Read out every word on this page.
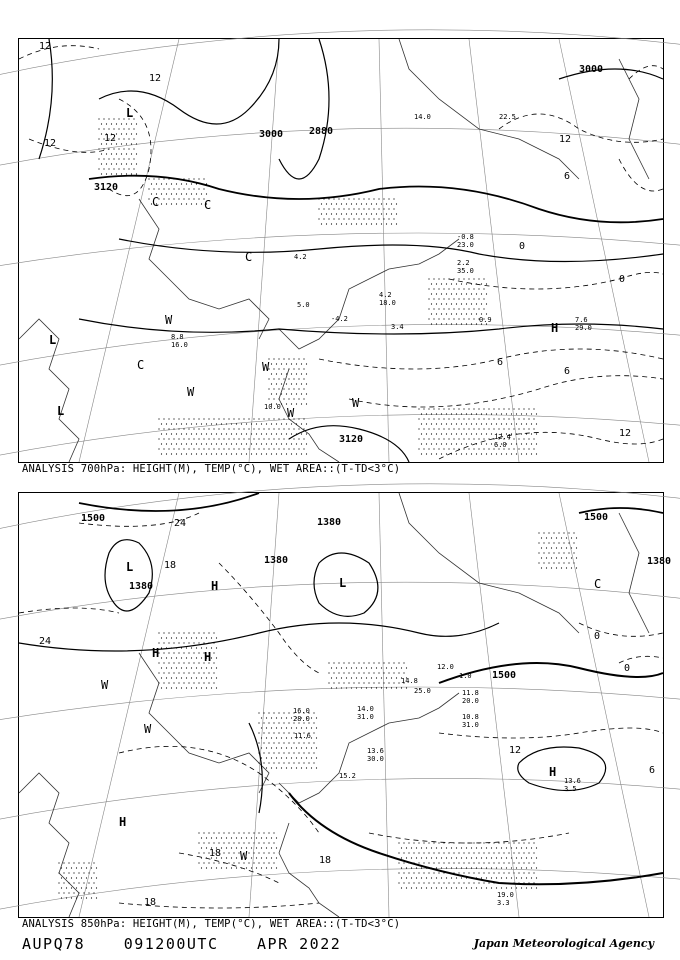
3000
3000	2880
3120
3120
12
12
12
12	12
12
0
0
6
6
6
L
L
L
H
C	C
C
C
W
W
W
W
W
10.0
5.0
4.2
18.0
3.4
0.9	7.6
29.0
2.2
35.0
12.4
6.0
-4.2
8.8
16.0
4.2
-0.8
23.0
14.0	22.5
ANALYSIS 700hPa: HEIGHT(M), TEMP(°C), WET AREA::(T-TD<3°C)
1500	1500
1500
1380
1380
1380
1380
24
24
18
18
18
18
12
0
0
6
L
L
H
H	H
H
H
C
W
W
W
15.2
11.6
14.0
31.0
13.6
30.0
10.8
31.0
11.8
20.0
13.6
3.5
19.0
3.3
16.0
28.0
1.0
14.8
12.0
25.0
ANALYSIS 850hPa: HEIGHT(M), TEMP(°C), WET AREA::(T-TD<3°C)
AUPQ78	091200UTC	APR 2022	Japan Meteorological Agency
